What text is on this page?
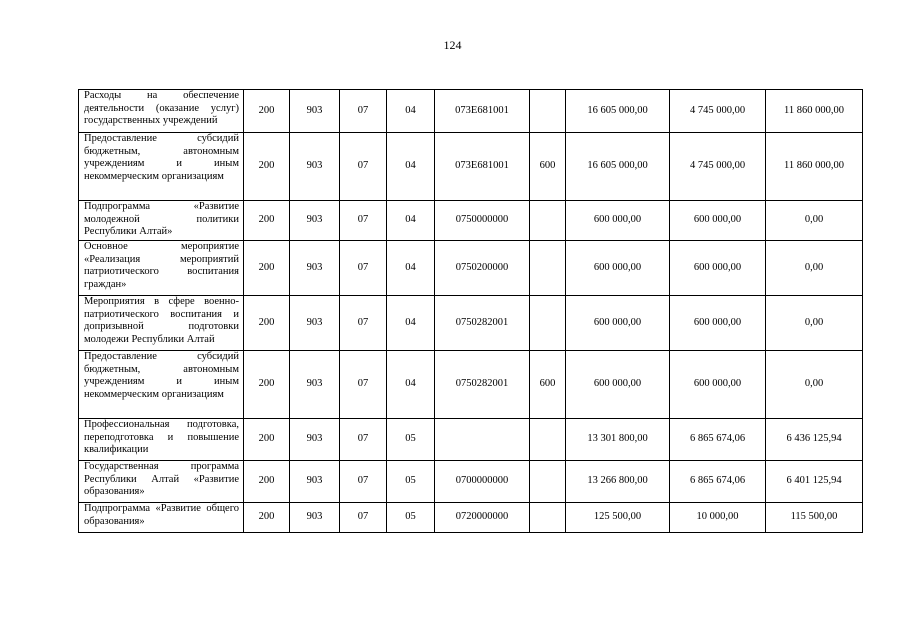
124
Расходы на обеспечение деятельности (оказание услуг) государственных учреждений	200	903	07	04	073E681001		16 605 000,00	4 745 000,00	11 860 000,00
Предоставление субсидий бюджетным, автономным учреждениям и иным некоммерческим организациям	200	903	07	04	073E681001	600	16 605 000,00	4 745 000,00	11 860 000,00
Подпрограмма «Развитие молодежной политики Республики Алтай»	200	903	07	04	0750000000		600 000,00	600 000,00	0,00
Основное мероприятие «Реализация мероприятий патриотического воспитания граждан»	200	903	07	04	0750200000		600 000,00	600 000,00	0,00
Мероприятия в сфере военно-патриотического воспитания и допризывной подготовки молодежи Республики Алтай	200	903	07	04	0750282001		600 000,00	600 000,00	0,00
Предоставление субсидий бюджетным, автономным учреждениям и иным некоммерческим организациям	200	903	07	04	0750282001	600	600 000,00	600 000,00	0,00
Профессиональная подготовка, переподготовка и повышение квалификации	200	903	07	05			13 301 800,00	6 865 674,06	6 436 125,94
Государственная программа Республики Алтай «Развитие образования»	200	903	07	05	0700000000		13 266 800,00	6 865 674,06	6 401 125,94
Подпрограмма «Развитие общего образования»	200	903	07	05	0720000000		125 500,00	10 000,00	115 500,00
